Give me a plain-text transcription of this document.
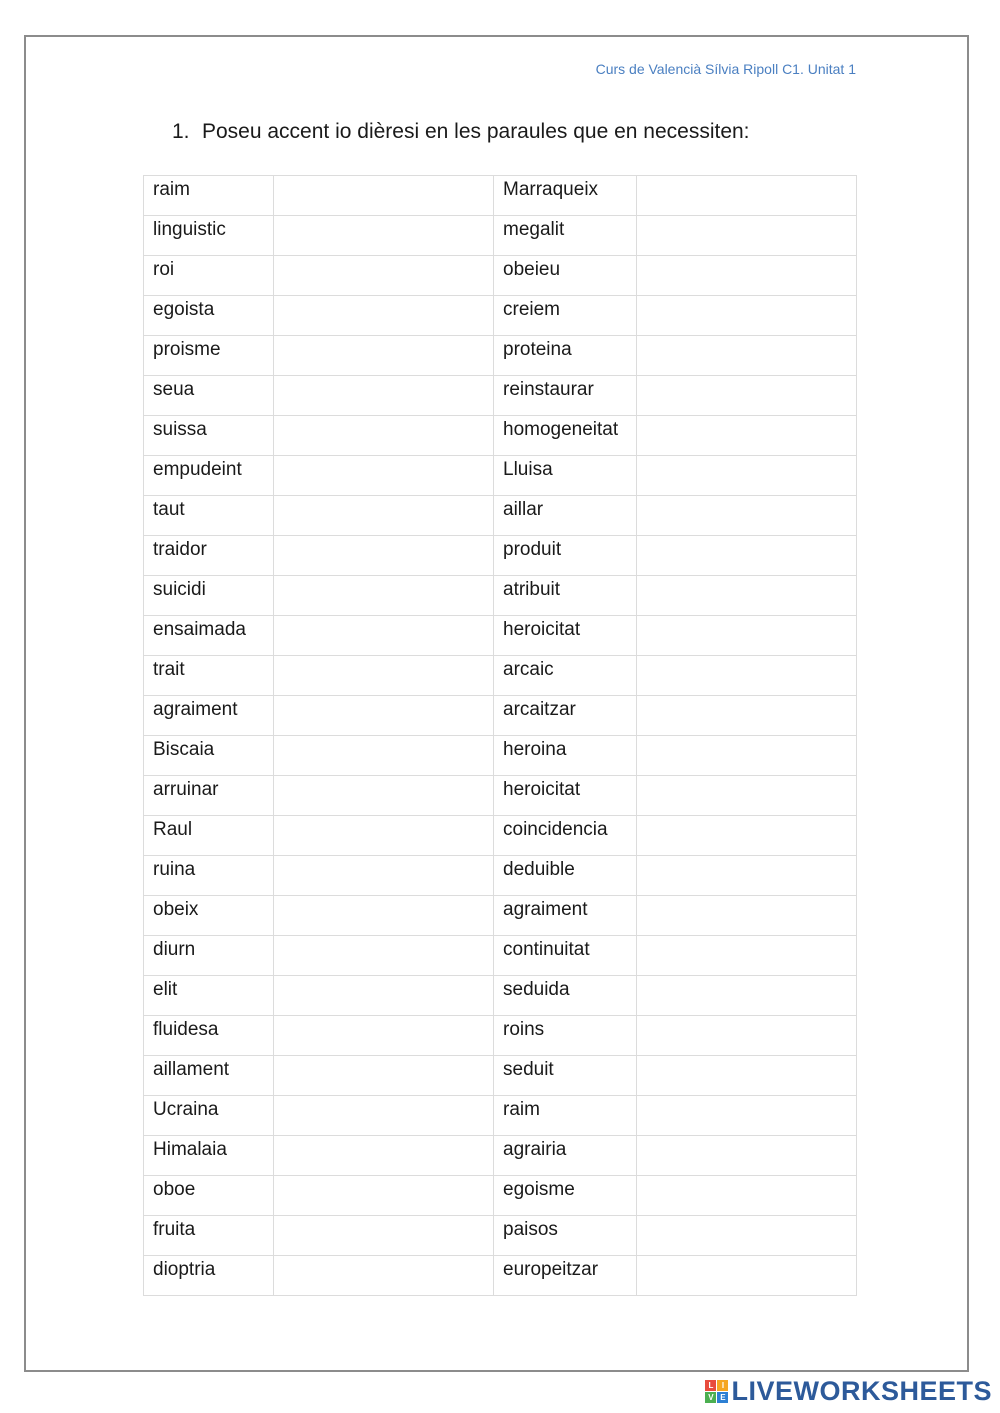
Curs de Valencià Sílvia Ripoll C1. Unitat 1
1. Poseu accent io dièresi en les paraules que en necessiten:
raim		Marraqueix	
linguistic		megalit	
roi		obeieu	
egoista		creiem	
proisme		proteina	
seua		reinstaurar	
suissa		homogeneitat	
empudeint		Lluisa	
taut		aillar	
traidor		produit	
suicidi		atribuit	
ensaimada		heroicitat	
trait		arcaic	
agraiment		arcaitzar	
Biscaia		heroina	
arruinar		heroicitat	
Raul		coincidencia	
ruina		deduible	
obeix		agraiment	
diurn		continuitat	
elit		seduida	
fluidesa		roins	
aillament		seduit	
Ucraina		raim	
Himalaia		agrairia	
oboe		egoisme	
fruita		paisos	
dioptria		europeitzar	
L	I
V E LIVEWORKSHEETS
